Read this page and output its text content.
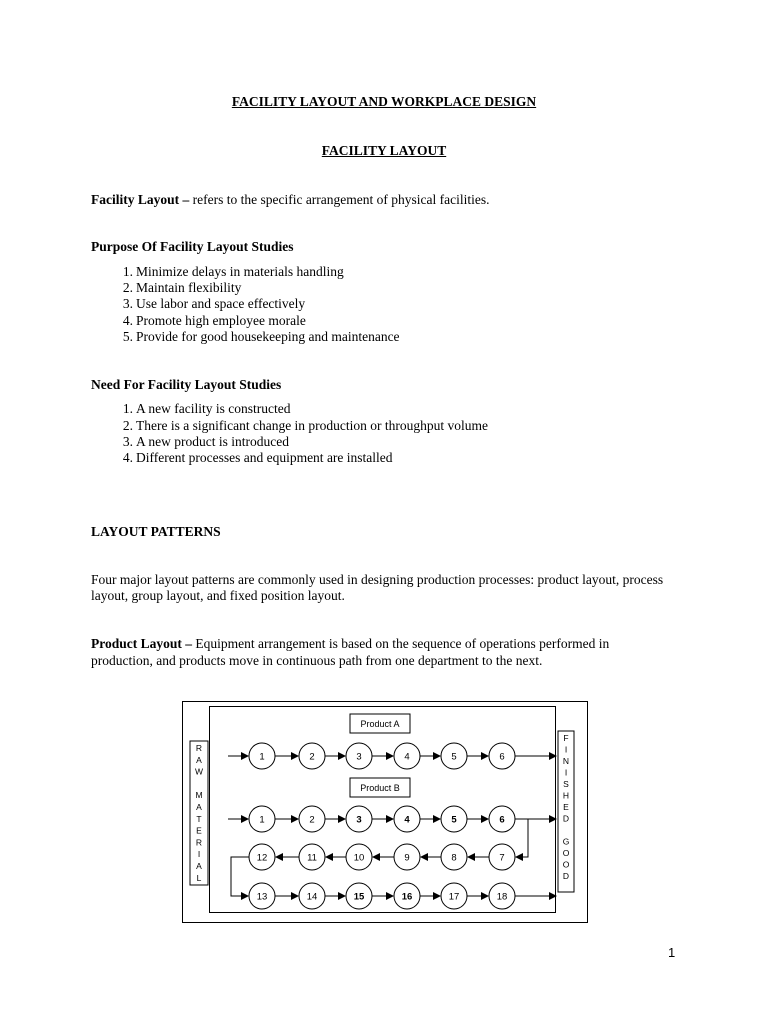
FACILITY LAYOUT AND WORKPLACE DESIGN
FACILITY LAYOUT
Facility Layout – refers to the specific arrangement of physical facilities.
Purpose Of Facility Layout Studies
1. Minimize delays in materials handling
2. Maintain flexibility
3. Use labor and space effectively
4. Promote high employee morale
5. Provide for good housekeeping and maintenance
Need For Facility Layout Studies
1. A new facility is constructed
2. There is a significant change in production or throughput volume
3. A new product is introduced
4. Different processes and equipment are installed
LAYOUT PATTERNS
Four major layout patterns are commonly used in designing production processes: product layout, process
layout, group layout, and fixed position layout.
Product Layout – Equipment arrangement is based on the sequence of operations performed in
production, and products move in continuous path from one department to the next.
R
A
W
M
A
T
E
R
I
A
L
F
I
N
I
S
H
E
D
G
O
O
D
Product A
Product B
1	2	3	4	5	6
1	2	3	4	5	6
12	11	10	9	8	7
13	14	15	16	17	18
1
